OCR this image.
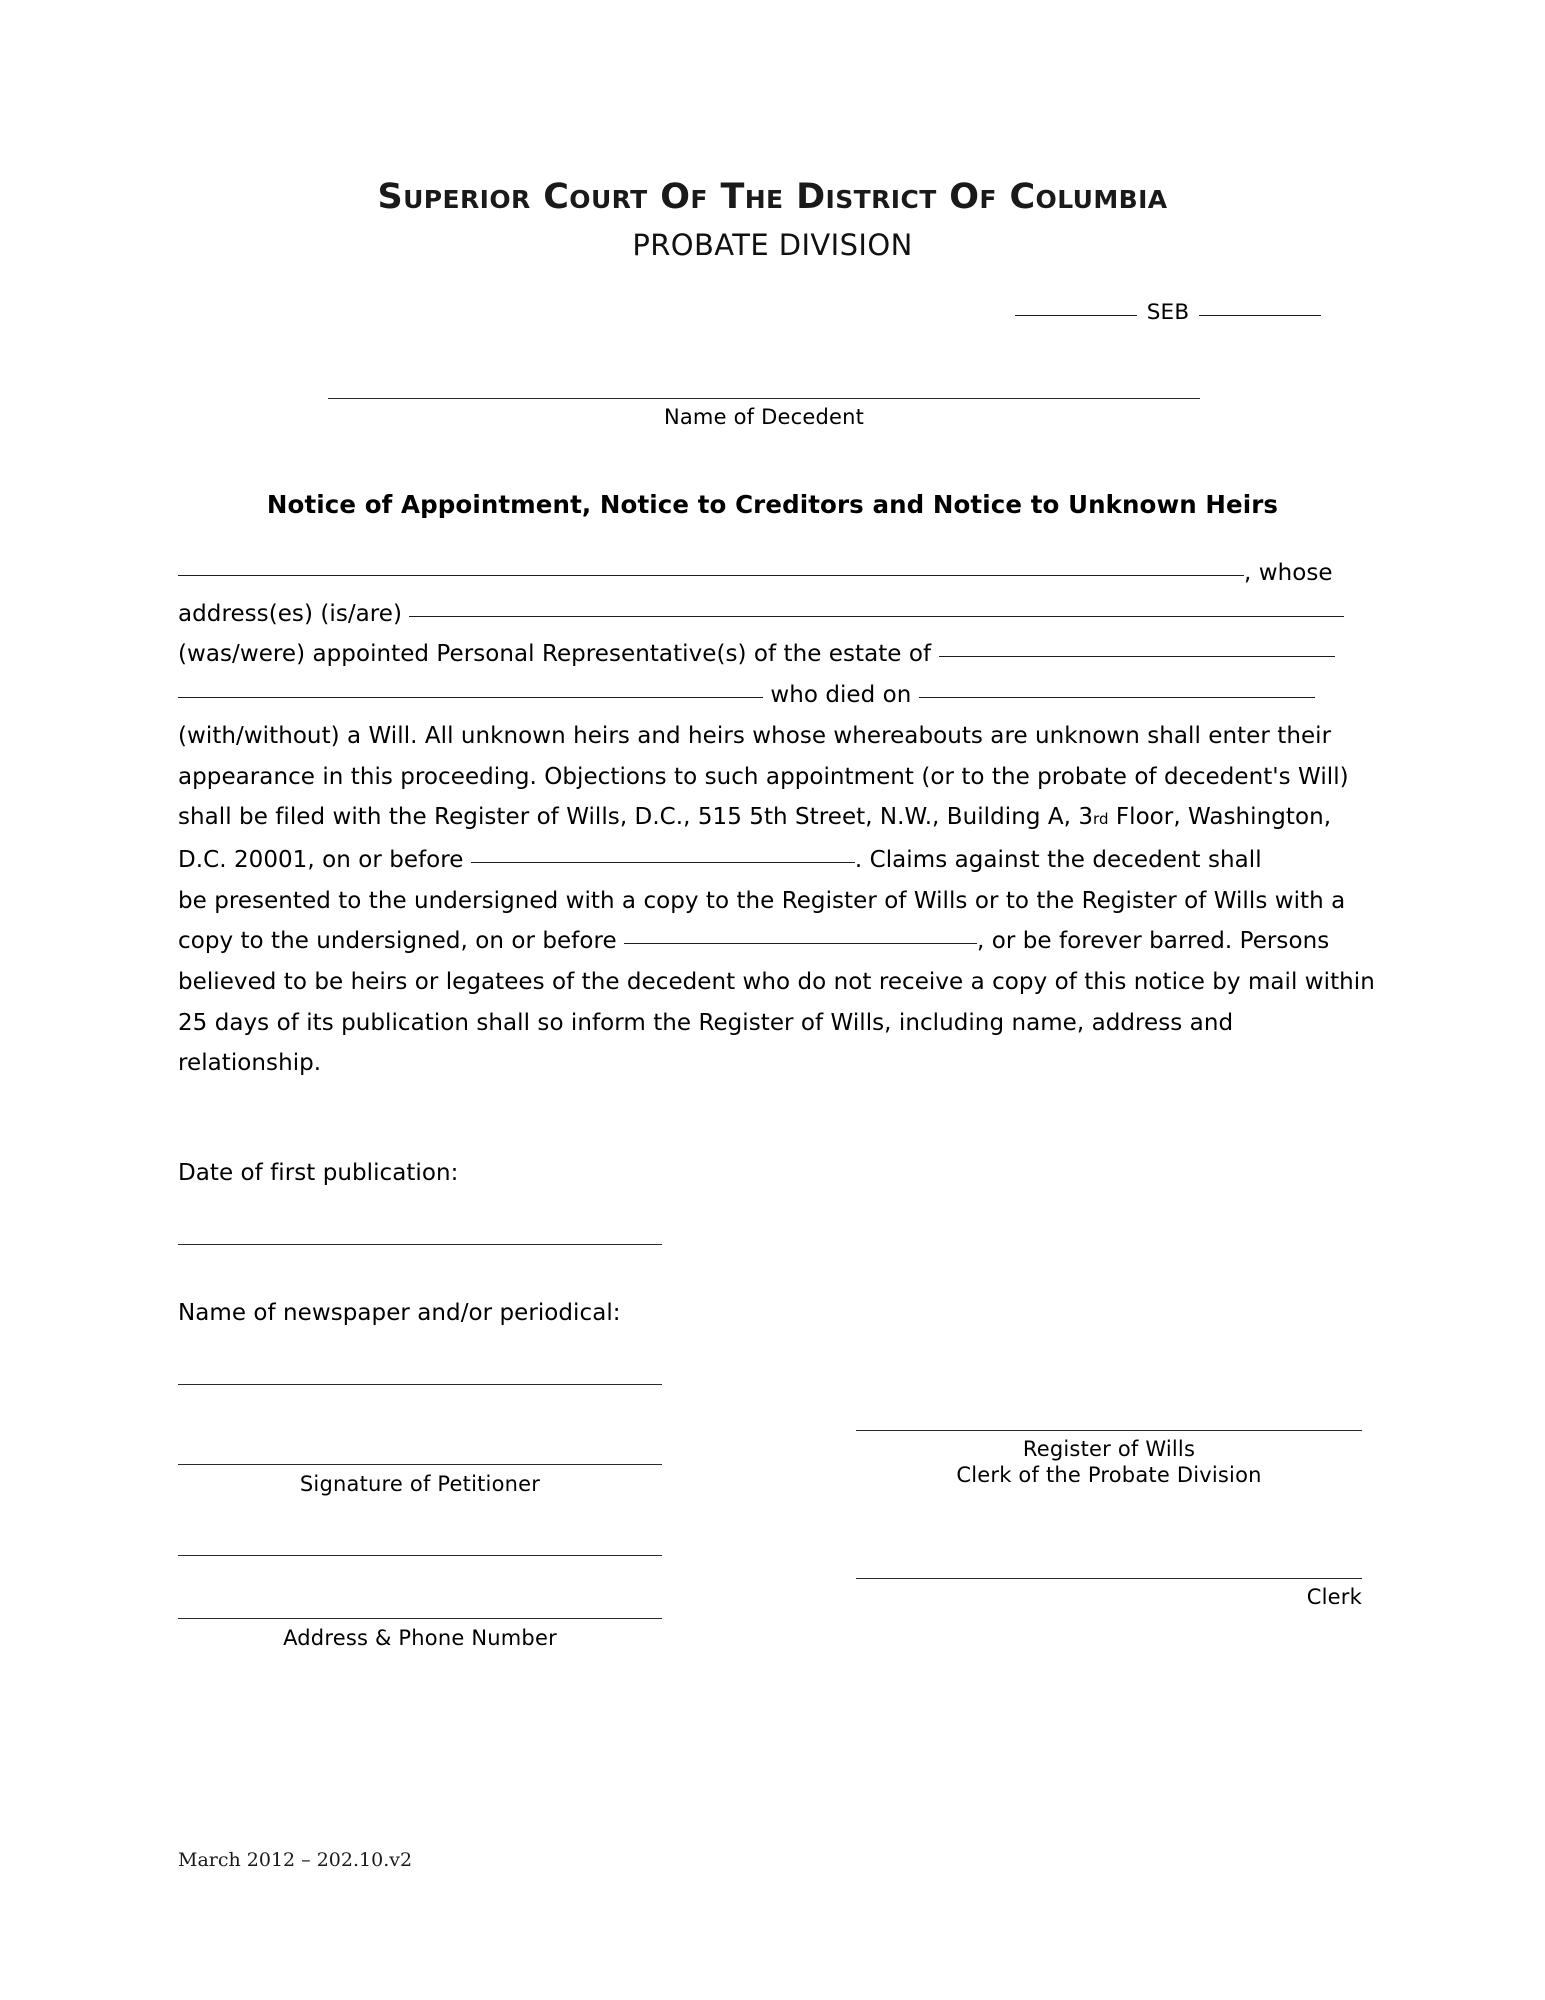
Superior Court Of The District Of Columbia
PROBATE DIVISION
SEB
Name of Decedent
Notice of Appointment, Notice to Creditors and Notice to Unknown Heirs
, whose
address(es) (is/are)
(was/were) appointed Personal Representative(s) of the estate of
who died on
(with/without) a Will. All unknown heirs and heirs whose whereabouts are unknown shall enter their
appearance in this proceeding. Objections to such appointment (or to the probate of decedent's Will)
shall be filed with the Register of Wills, D.C., 515 5th Street, N.W., Building A, 3rd Floor, Washington,
D.C. 20001, on or before	. Claims against the decedent shall
be presented to the undersigned with a copy to the Register of Wills or to the Register of Wills with a
copy to the undersigned, on or before	, or be forever barred. Persons
believed to be heirs or legatees of the decedent who do not receive a copy of this notice by mail within
25 days of its publication shall so inform the Register of Wills, including name, address and
relationship.
Date of first publication:
Name of newspaper and/or periodical:
Signature of Petitioner
Address & Phone Number
Register of Wills
Clerk of the Probate Division
Clerk
March 2012 – 202.10.v2
